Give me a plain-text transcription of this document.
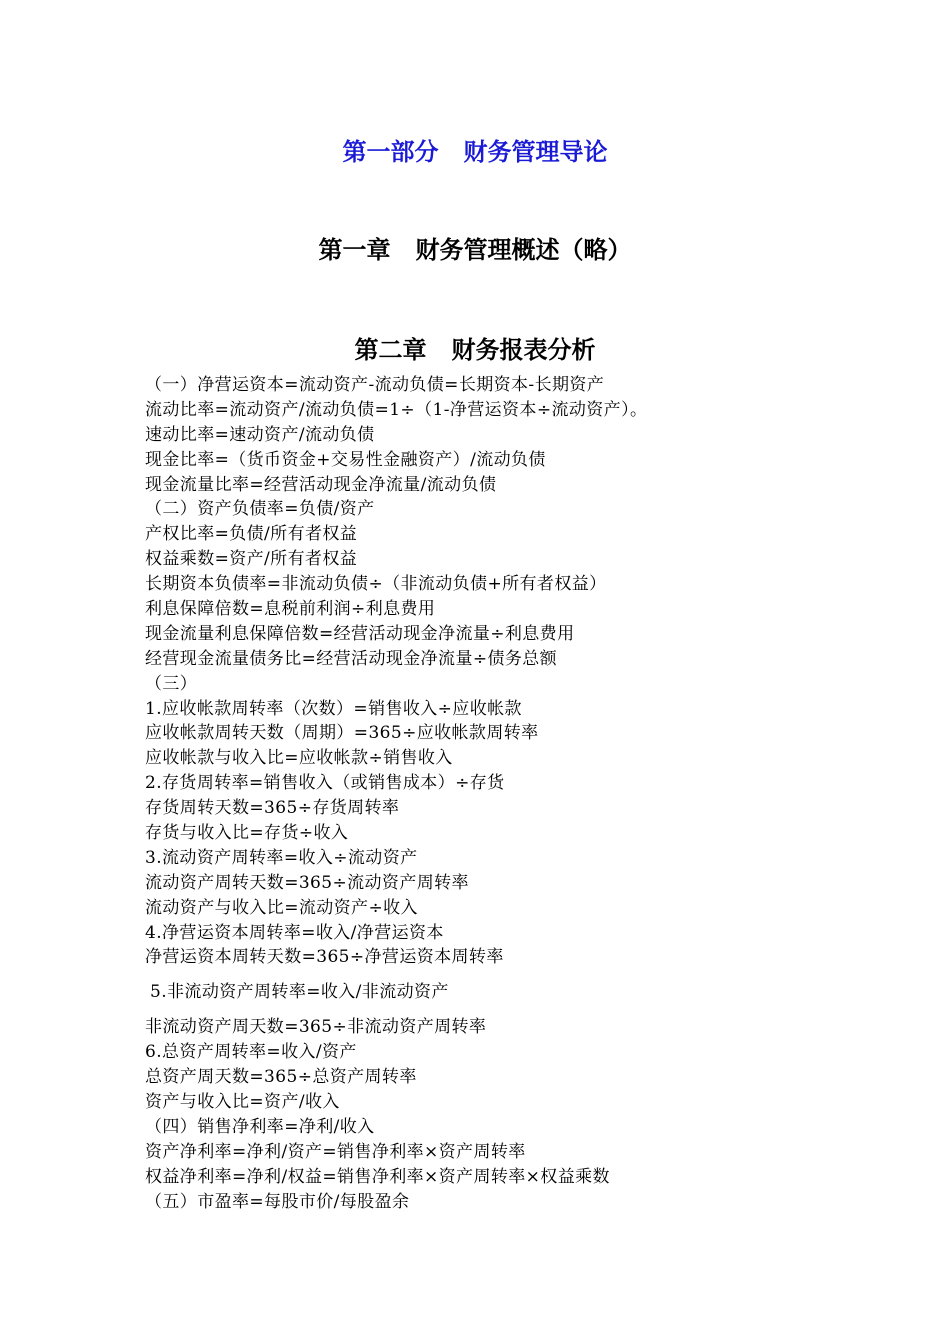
第一部分   财务管理导论
第一章   财务管理概述（略）
第二章   财务报表分析
（一）净营运资本=流动资产-流动负债=长期资本-长期资产
流动比率=流动资产/流动负债=1÷（1-净营运资本÷流动资产）。
速动比率=速动资产/流动负债
现金比率=（货币资金+交易性金融资产）/流动负债
现金流量比率=经营活动现金净流量/流动负债
（二）资产负债率=负债/资产
产权比率=负债/所有者权益
权益乘数=资产/所有者权益
长期资本负债率=非流动负债÷（非流动负债+所有者权益）
利息保障倍数=息税前利润÷利息费用
现金流量利息保障倍数=经营活动现金净流量÷利息费用
经营现金流量债务比=经营活动现金净流量÷债务总额
（三）
1.应收帐款周转率（次数）=销售收入÷应收帐款
应收帐款周转天数（周期）=365÷应收帐款周转率
应收帐款与收入比=应收帐款÷销售收入
2.存货周转率=销售收入（或销售成本）÷存货
存货周转天数=365÷存货周转率
存货与收入比=存货÷收入
3.流动资产周转率=收入÷流动资产
流动资产周转天数=365÷流动资产周转率
流动资产与收入比=流动资产÷收入
4.净营运资本周转率=收入/净营运资本
净营运资本周转天数=365÷净营运资本周转率
5.非流动资产周转率=收入/非流动资产
非流动资产周天数=365÷非流动资产周转率
6.总资产周转率=收入/资产
总资产周天数=365÷总资产周转率
资产与收入比=资产/收入
（四）销售净利率=净利/收入
资产净利率=净利/资产=销售净利率×资产周转率
权益净利率=净利/权益=销售净利率×资产周转率×权益乘数
（五）市盈率=每股市价/每股盈余
